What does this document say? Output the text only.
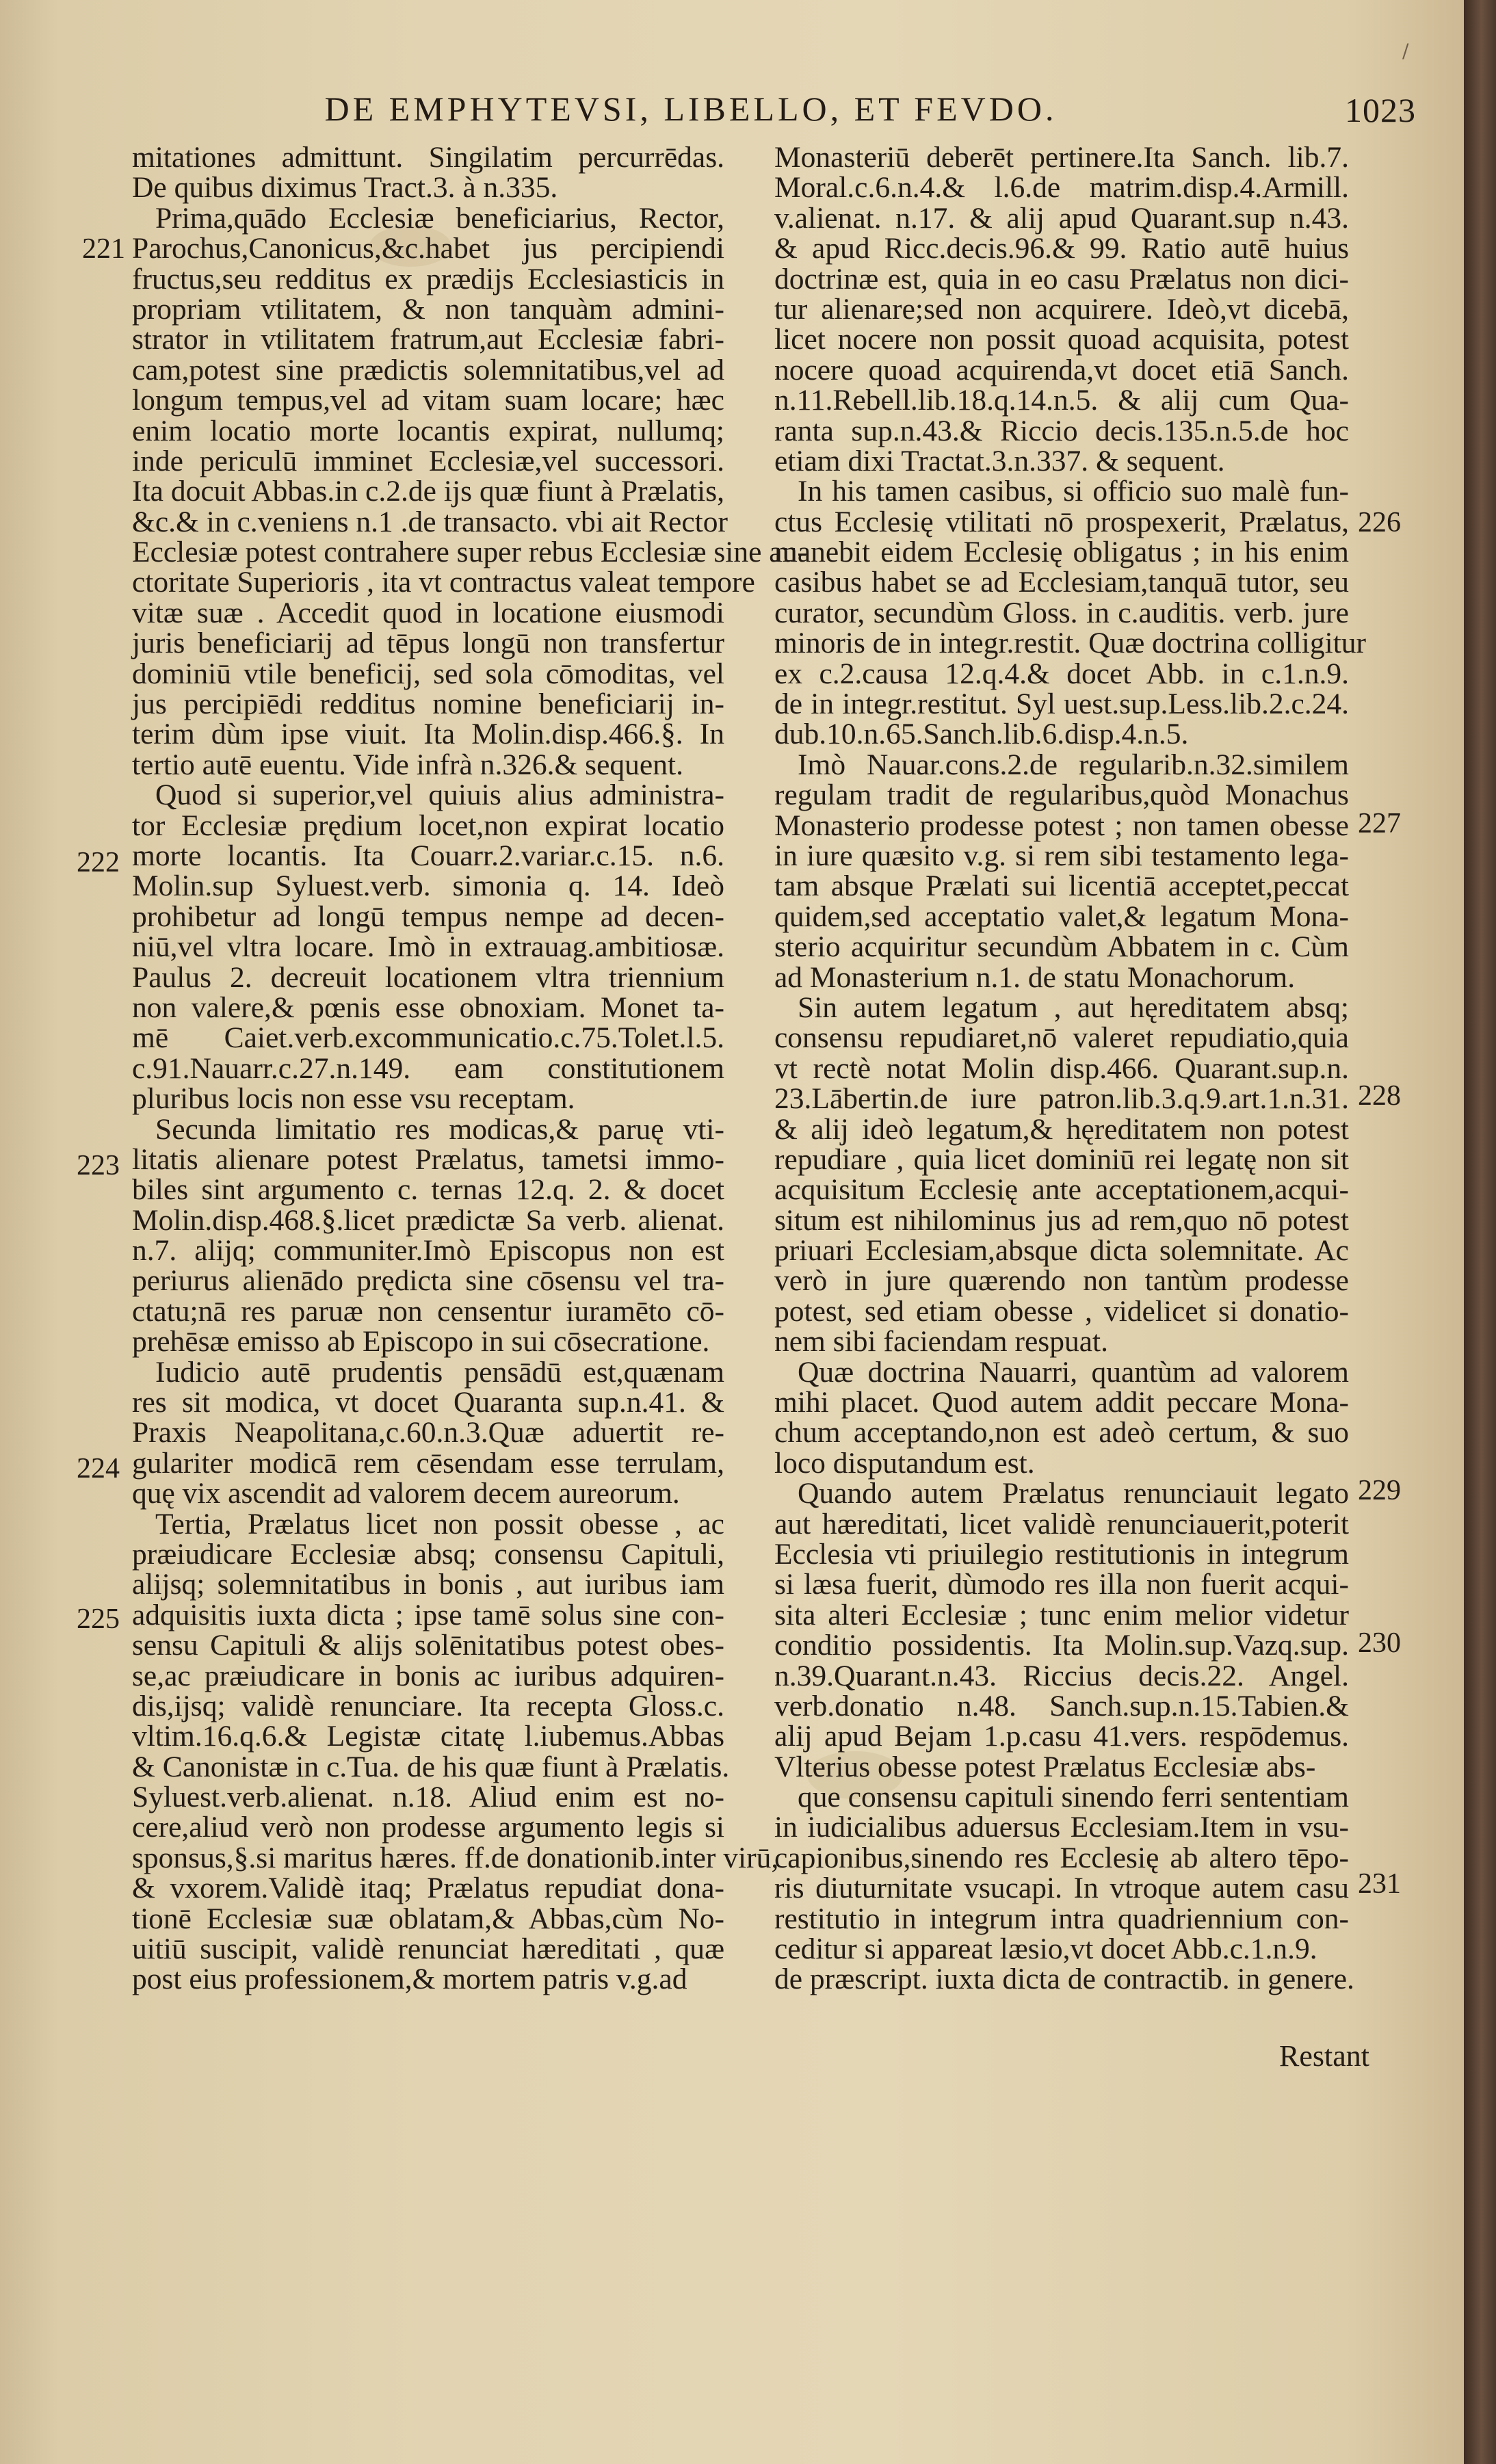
/
DE EMPHYTEVSI, LIBELLO, ET FEVDO.	1023
221
222
223
224
225
226
227
228
229
230
231
mitationes admittunt. Singilatim percurrēdas.
De quibus diximus Tract.3. à n.335.
Prima,quādo Ecclesiæ beneficiarius, Rector,
Parochus,Canonicus,&c.habet jus percipiendi
fructus,seu redditus ex prædijs Ecclesiasticis in
propriam vtilitatem, & non tanquàm admini-
strator in vtilitatem fratrum,aut Ecclesiæ fabri-
cam,potest sine prædictis solemnitatibus,vel ad
longum tempus,vel ad vitam suam locare; hæc
enim locatio morte locantis expirat, nullumq;
inde periculū imminet Ecclesiæ,vel successori.
Ita docuit Abbas.in c.2.de ijs quæ fiunt à Prælatis,
&c.& in c.veniens n.1 .de transacto. vbi ait Rector
Ecclesiæ potest contrahere super rebus Ecclesiæ sine au-
ctoritate Superioris , ita vt contractus valeat tempore
vitæ suæ . Accedit quod in locatione eiusmodi
juris beneficiarij ad tēpus longū non transfertur
dominiū vtile beneficij, sed sola cōmoditas, vel
jus percipiēdi redditus nomine beneficiarij in-
terim dùm ipse viuit. Ita Molin.disp.466.§. In
tertio autē euentu. Vide infrà n.326.& sequent.
Quod si superior,vel quiuis alius administra-
tor Ecclesiæ prędium locet,non expirat locatio
morte locantis. Ita Couarr.2.variar.c.15. n.6.
Molin.sup Syluest.verb. simonia q. 14. Ideò
prohibetur ad longū tempus nempe ad decen-
niū,vel vltra locare. Imò in extrauag.ambitiosæ.
Paulus 2. decreuit locationem vltra triennium
non valere,& pœnis esse obnoxiam. Monet ta-
mē Caiet.verb.excommunicatio.c.75.Tolet.l.5.
c.91.Nauarr.c.27.n.149. eam constitutionem
pluribus locis non esse vsu receptam.
Secunda limitatio res modicas,& paruę vti-
litatis alienare potest Prælatus, tametsi immo-
biles sint argumento c. ternas 12.q. 2. & docet
Molin.disp.468.§.licet prædictæ Sa verb. alienat.
n.7. alijq; communiter.Imò Episcopus non est
periurus alienādo prędicta sine cōsensu vel tra-
ctatu;nā res paruæ non censentur iuramēto cō-
prehēsæ emisso ab Episcopo in sui cōsecratione.
Iudicio autē prudentis pensādū est,quænam
res sit modica, vt docet Quaranta sup.n.41. &
Praxis Neapolitana,c.60.n.3.Quæ aduertit re-
gulariter modicā rem cēsendam esse terrulam,
quę vix ascendit ad valorem decem aureorum.
Tertia, Prælatus licet non possit obesse , ac
præiudicare Ecclesiæ absq; consensu Capituli,
alijsq; solemnitatibus in bonis , aut iuribus iam
adquisitis iuxta dicta ; ipse tamē solus sine con-
sensu Capituli & alijs solēnitatibus potest obes-
se,ac præiudicare in bonis ac iuribus adquiren-
dis,ijsq; validè renunciare. Ita recepta Gloss.c.
vltim.16.q.6.& Legistæ citatę l.iubemus.Abbas
& Canonistæ in c.Tua. de his quæ fiunt à Prælatis.
Syluest.verb.alienat. n.18. Aliud enim est no-
cere,aliud verò non prodesse argumento legis si
sponsus,§.si maritus hæres. ff.de donationib.inter virū,
& vxorem.Validè itaq; Prælatus repudiat dona-
tionē Ecclesiæ suæ oblatam,& Abbas,cùm No-
uitiū suscipit, validè renunciat hæreditati , quæ
post eius professionem,& mortem patris v.g.ad
Monasteriū deberēt pertinere.Ita Sanch. lib.7.
Moral.c.6.n.4.& l.6.de matrim.disp.4.Armill.
v.alienat. n.17. & alij apud Quarant.sup n.43.
& apud Ricc.decis.96.& 99. Ratio autē huius
doctrinæ est, quia in eo casu Prælatus non dici-
tur alienare;sed non acquirere. Ideò,vt dicebā,
licet nocere non possit quoad acquisita, potest
nocere quoad acquirenda,vt docet etiā Sanch.
n.11.Rebell.lib.18.q.14.n.5. & alij cum Qua-
ranta sup.n.43.& Riccio decis.135.n.5.de hoc
etiam dixi Tractat.3.n.337. & sequent.
In his tamen casibus, si officio suo malè fun-
ctus Ecclesię vtilitati nō prospexerit, Prælatus,
manebit eidem Ecclesię obligatus ; in his enim
casibus habet se ad Ecclesiam,tanquā tutor, seu
curator, secundùm Gloss. in c.auditis. verb. jure
minoris de in integr.restit. Quæ doctrina colligitur
ex c.2.causa 12.q.4.& docet Abb. in c.1.n.9.
de in integr.restitut. Syl uest.sup.Less.lib.2.c.24.
dub.10.n.65.Sanch.lib.6.disp.4.n.5.
Imò Nauar.cons.2.de regularib.n.32.similem
regulam tradit de regularibus,quòd Monachus
Monasterio prodesse potest ; non tamen obesse
in iure quæsito v.g. si rem sibi testamento lega-
tam absque Prælati sui licentiā acceptet,peccat
quidem,sed acceptatio valet,& legatum Mona-
sterio acquiritur secundùm Abbatem in c. Cùm
ad Monasterium n.1. de statu Monachorum.
Sin autem legatum , aut hęreditatem absq;
consensu repudiaret,nō valeret repudiatio,quia
vt rectè notat Molin disp.466. Quarant.sup.n.
23.Lābertin.de iure patron.lib.3.q.9.art.1.n.31.
& alij ideò legatum,& hęreditatem non potest
repudiare , quia licet dominiū rei legatę non sit
acquisitum Ecclesię ante acceptationem,acqui-
situm est nihilominus jus ad rem,quo nō potest
priuari Ecclesiam,absque dicta solemnitate. Ac
verò in jure quærendo non tantùm prodesse
potest, sed etiam obesse , videlicet si donatio-
nem sibi faciendam respuat.
Quæ doctrina Nauarri, quantùm ad valorem
mihi placet. Quod autem addit peccare Mona-
chum acceptando,non est adeò certum, & suo
loco disputandum est.
Quando autem Prælatus renunciauit legato
aut hæreditati, licet validè renunciauerit,poterit
Ecclesia vti priuilegio restitutionis in integrum
si læsa fuerit, dùmodo res illa non fuerit acqui-
sita alteri Ecclesiæ ; tunc enim melior videtur
conditio possidentis. Ita Molin.sup.Vazq.sup.
n.39.Quarant.n.43. Riccius decis.22. Angel.
verb.donatio n.48. Sanch.sup.n.15.Tabien.&
alij apud Bejam 1.p.casu 41.vers. respōdemus.
Vlterius obesse potest Prælatus Ecclesiæ abs-
que consensu capituli sinendo ferri sententiam
in iudicialibus aduersus Ecclesiam.Item in vsu-
capionibus,sinendo res Ecclesię ab altero tēpo-
ris diuturnitate vsucapi. In vtroque autem casu
restitutio in integrum intra quadriennium con-
ceditur si appareat læsio,vt docet Abb.c.1.n.9.
de præscript. iuxta dicta de contractib. in genere.
Restant
